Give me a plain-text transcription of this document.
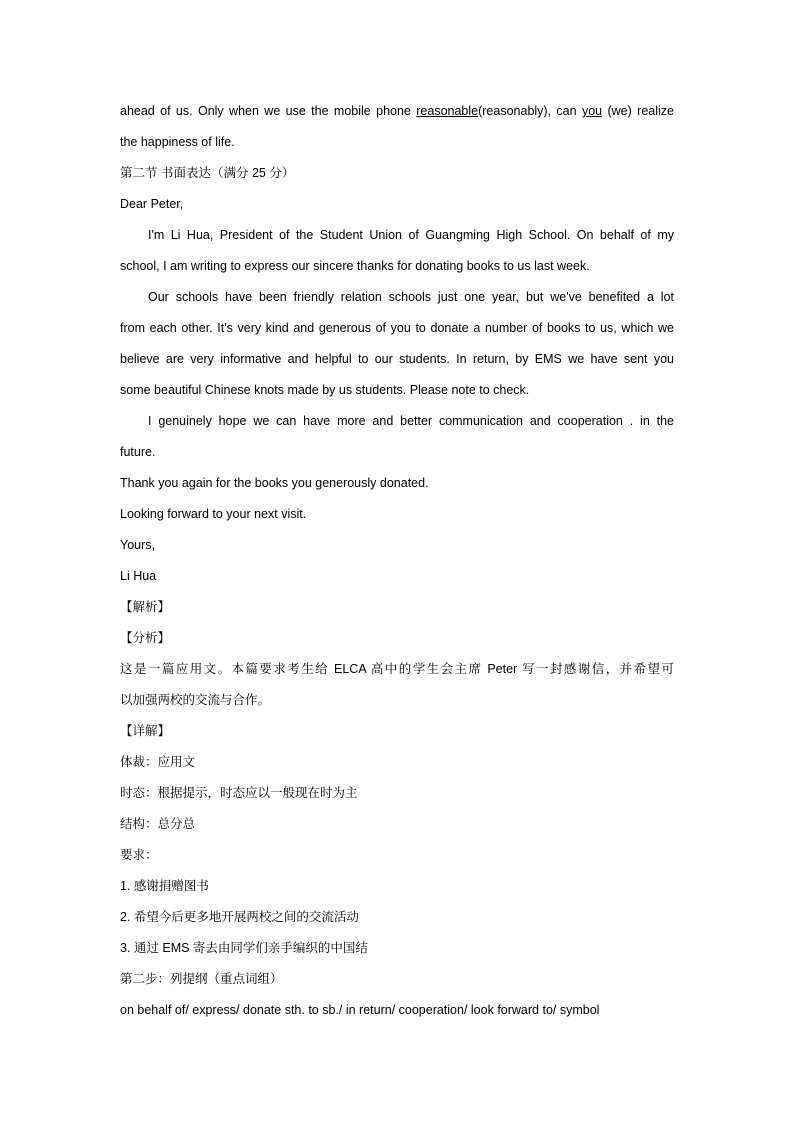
ahead of us. Only when we use the mobile phone reasonable(reasonably), can you (we) realize
the happiness of life.
第二节 书面表达（满分 25 分）
Dear Peter,
I'm Li Hua, President of the Student Union of Guangming High School. On behalf of my
school, I am writing to express our sincere thanks for donating books to us last week.
Our schools have been friendly relation schools just one year, but we've benefited a lot
from each other. It's very kind and generous of you to donate a number of books to us, which we
believe are very informative and helpful to our students. In return, by EMS we have sent you
some beautiful Chinese knots made by us students. Please note to check.
I genuinely hope we can have more and better communication and cooperation . in the
future.
Thank you again for the books you generously donated.
Looking forward to your next visit.
Yours,
Li Hua
【解析】
【分析】
这是一篇应用文。本篇要求考生给 ELCA 高中的学生会主席 Peter 写一封感谢信，并希望可
以加强两校的交流与合作。
【详解】
体裁：应用文
时态：根据提示，时态应以一般现在时为主
结构：总分总
要求：
1. 感谢捐赠图书
2. 希望今后更多地开展两校之间的交流活动
3. 通过 EMS 寄去由同学们亲手编织的中国结
第二步：列提纲（重点词组）
on behalf of/ express/ donate sth. to sb./ in return/ cooperation/ look forward to/ symbol
